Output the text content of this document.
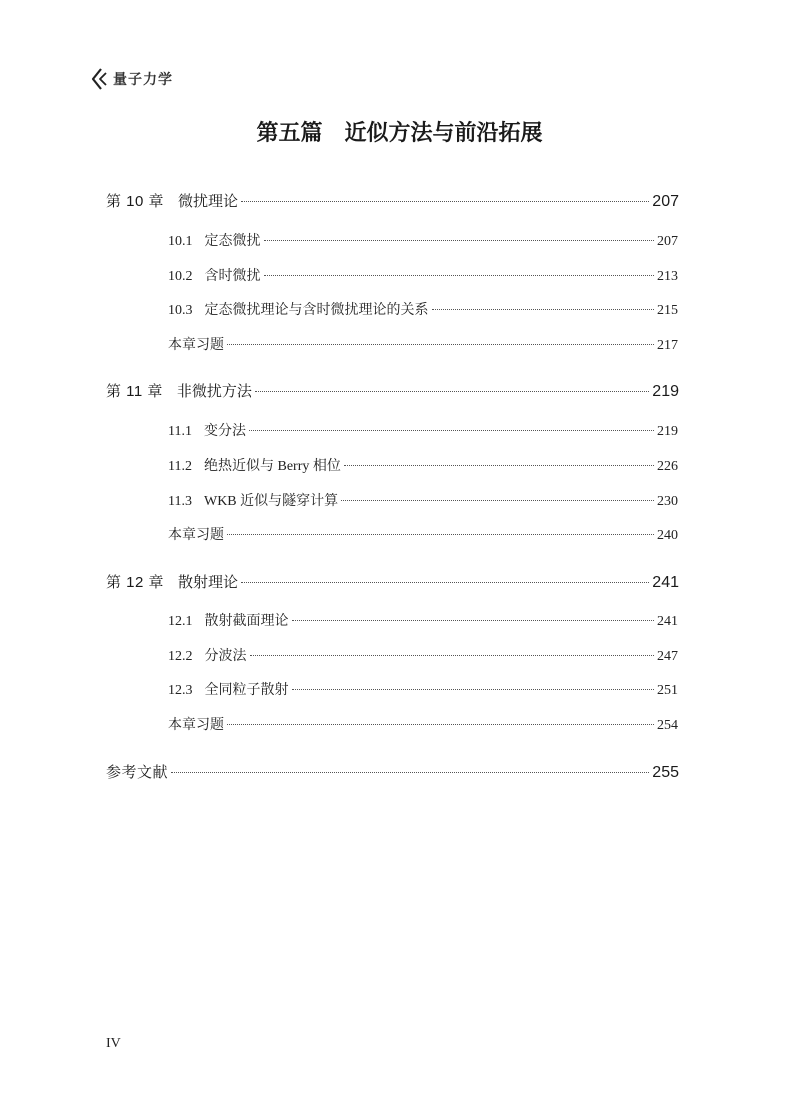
量子力学
第五篇 近似方法与前沿拓展
第 10 章 微扰理论	207
10.1 定态微扰	207
10.2 含时微扰	213
10.3 定态微扰理论与含时微扰理论的关系	215
本章习题	217
第 11 章 非微扰方法	219
11.1 变分法	219
11.2 绝热近似与 Berry 相位	226
11.3 WKB 近似与隧穿计算	230
本章习题	240
第 12 章 散射理论	241
12.1 散射截面理论	241
12.2 分波法	247
12.3 全同粒子散射	251
本章习题	254
参考文献	255
IV
